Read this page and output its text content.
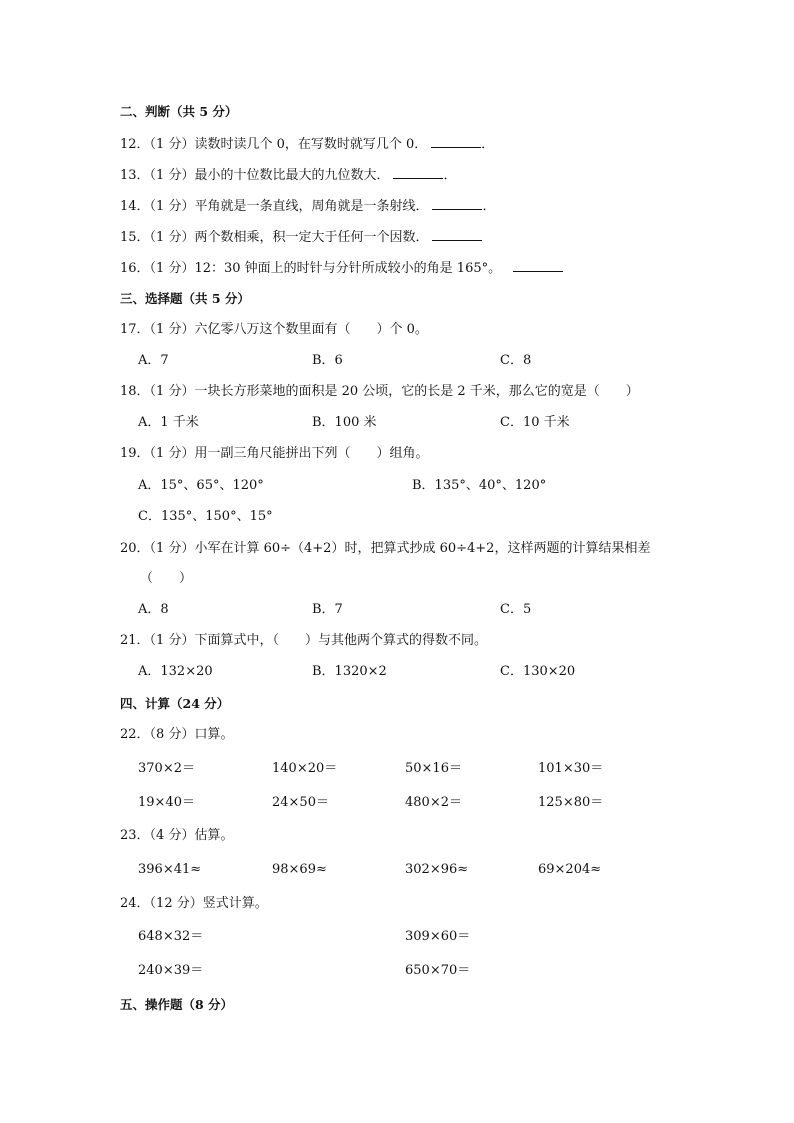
二、判断（共 5 分）
12．（1 分）读数时读几个 0，在写数时就写几个 0．	．
13．（1 分）最小的十位数比最大的九位数大．	．
14．（1 分）平角就是一条直线，周角就是一条射线．	．
15．（1 分）两个数相乘，积一定大于任何一个因数．
16．（1 分）12：30 钟面上的时针与分针所成较小的角是 165°。
三、选择题（共 5 分）
17．（1 分）六亿零八万这个数里面有（　　）个 0。
A．7	B．6	C．8
18．（1 分）一块长方形菜地的面积是 20 公顷，它的长是 2 千米，那么它的宽是（　　）
A．1 千米	B．100 米	C．10 千米
19．（1 分）用一副三角尺能拼出下列（　　）组角。
A．15°、65°、120°	B．135°、40°、120°
C．135°、150°、15°
20．（1 分）小军在计算 60÷（4+2）时，把算式抄成 60÷4+2，这样两题的计算结果相差
（　　）
A．8	B．7	C．5
21．（1 分）下面算式中，（　　）与其他两个算式的得数不同。
A．132×20	B．1320×2	C．130×20
四、计算（24 分）
22．（8 分）口算。
370×2＝	140×20＝	50×16＝	101×30＝
19×40＝	24×50＝	480×2＝	125×80＝
23．（4 分）估算。
396×41≈	98×69≈	302×96≈	69×204≈
24．（12 分）竖式计算。
648×32＝	309×60＝
240×39＝	650×70＝
五、操作题（8 分）
